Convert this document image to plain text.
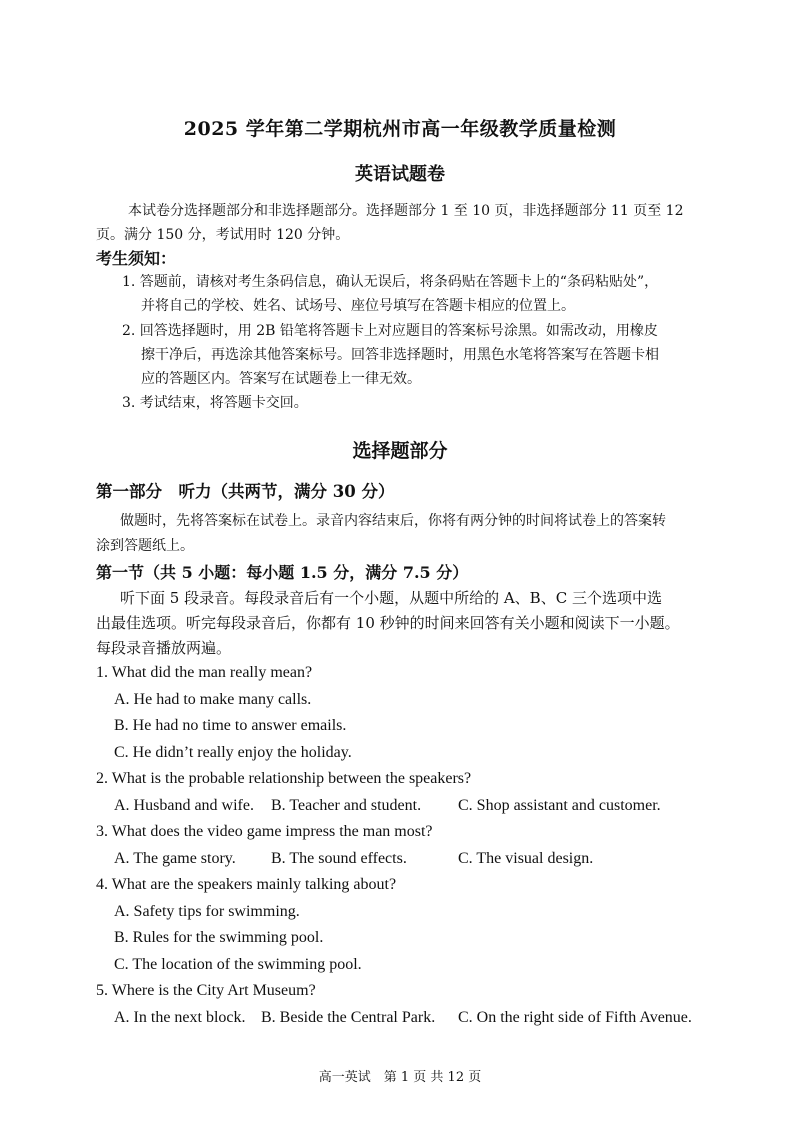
2025 学年第二学期杭州市高一年级教学质量检测
英语试题卷
本试卷分选择题部分和非选择题部分。选择题部分 1 至 10 页，非选择题部分 11 页至 12
页。满分 150 分，考试用时 120 分钟。
考生须知：
1. 答题前，请核对考生条码信息，确认无误后，将条码贴在答题卡上的“条码粘贴处”，
并将自己的学校、姓名、试场号、座位号填写在答题卡相应的位置上。
2. 回答选择题时，用 2B 铅笔将答题卡上对应题目的答案标号涂黑。如需改动，用橡皮
擦干净后，再选涂其他答案标号。回答非选择题时，用黑色水笔将答案写在答题卡相
应的答题区内。答案写在试题卷上一律无效。
3. 考试结束，将答题卡交回。
选择题部分
第一部分　听力（共两节，满分 30 分）
做题时，先将答案标在试卷上。录音内容结束后，你将有两分钟的时间将试卷上的答案转
涂到答题纸上。
第一节（共 5 小题：每小题 1.5 分，满分 7.5 分）
听下面 5 段录音。每段录音后有一个小题，从题中所给的 A、B、C 三个选项中选
出最佳选项。听完每段录音后，你都有 10 秒钟的时间来回答有关小题和阅读下一小题。
每段录音播放两遍。
1. What did the man really mean?
A. He had to make many calls.
B. He had no time to answer emails.
C. He didn’t really enjoy the holiday.
2. What is the probable relationship between the speakers?
A. Husband and wife. B. Teacher and student. C. Shop assistant and customer.
3. What does the video game impress the man most?
A. The game story. B. The sound effects.	C. The visual design.
4. What are the speakers mainly talking about?
A. Safety tips for swimming.
B. Rules for the swimming pool.
C. The location of the swimming pool.
5. Where is the City Art Museum?
A. In the next block. B. Beside the Central Park. C. On the right side of Fifth Avenue.
高一英试　第 1 页 共 12 页
